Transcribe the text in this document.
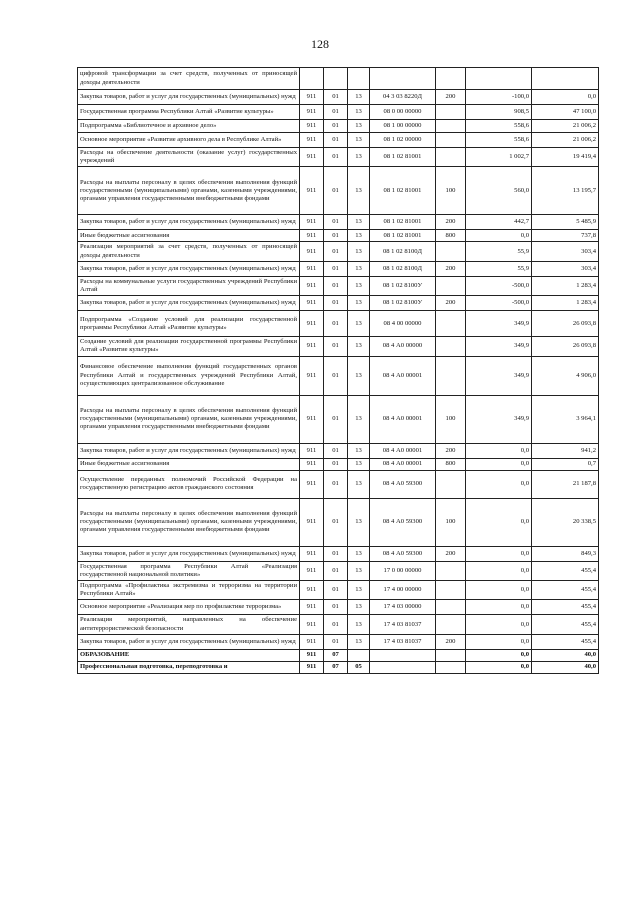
128
цифровой трансформации за счет средств, полученных от приносящей доходы деятельности							
Закупка товаров, работ и услуг для государственных (муниципальных) нужд	911	01	13	04 3 03 8220Д	200	-100,0	0,0
Государственная программа Республики Алтай «Развитие культуры»	911	01	13	08 0 00 00000		908,5	47 100,0
Подпрограмма «Библиотечное и архивное дело»	911	01	13	08 1 00 00000		558,6	21 006,2
Основное мероприятие «Развитие архивного дела в Республике Алтай»	911	01	13	08 1 02 00000		558,6	21 006,2
Расходы на обеспечение деятельности (оказание услуг) государственных учреждений	911	01	13	08 1 02 81001		1 002,7	19 419,4
Расходы на выплаты персоналу в целях обеспечения выполнения функций государственными (муниципальными) органами, казенными учреждениями, органами управления государственными внебюджетными фондами	911	01	13	08 1 02 81001	100	560,0	13 195,7
Закупка товаров, работ и услуг для государственных (муниципальных) нужд	911	01	13	08 1 02 81001	200	442,7	5 485,9
Иные бюджетные ассигнования	911	01	13	08 1 02 81001	800	0,0	737,8
Реализация мероприятий за счет средств, полученных от приносящей доходы деятельности	911	01	13	08 1 02 8100Д		55,9	303,4
Закупка товаров, работ и услуг для государственных (муниципальных) нужд	911	01	13	08 1 02 8100Д	200	55,9	303,4
Расходы на коммунальные услуги государственных учреждений Республики Алтай	911	01	13	08 1 02 8100У		-500,0	1 283,4
Закупка товаров, работ и услуг для государственных (муниципальных) нужд	911	01	13	08 1 02 8100У	200	-500,0	1 283,4
Подпрограмма «Создание условий для реализации государственной программы Республики Алтай «Развитие культуры»	911	01	13	08 4 00 00000		349,9	26 093,8
Создание условий для реализации государственной программы Республики Алтай «Развитие культуры»	911	01	13	08 4 А0 00000		349,9	26 093,8
Финансовое обеспечение выполнения функций государственных органов Республики Алтай и государственных учреждений Республики Алтай, осуществляющих централизованное обслуживание	911	01	13	08 4 А0 00001		349,9	4 906,0
Расходы на выплаты персоналу в целях обеспечения выполнения функций государственными (муниципальными) органами, казенными учреждениями, органами управления государственными внебюджетными фондами	911	01	13	08 4 А0 00001	100	349,9	3 964,1
Закупка товаров, работ и услуг для государственных (муниципальных) нужд	911	01	13	08 4 А0 00001	200	0,0	941,2
Иные бюджетные ассигнования	911	01	13	08 4 А0 00001	800	0,0	0,7
Осуществление переданных полномочий Российской Федерации на государственную регистрацию актов гражданского состояния	911	01	13	08 4 А0 59300		0,0	21 187,8
Расходы на выплаты персоналу в целях обеспечения выполнения функций государственными (муниципальными) органами, казенными учреждениями, органами управления государственными внебюджетными фондами	911	01	13	08 4 А0 59300	100	0,0	20 338,5
Закупка товаров, работ и услуг для государственных (муниципальных) нужд	911	01	13	08 4 А0 59300	200	0,0	849,3
Государственная программа Республики Алтай «Реализация государственной национальной политики»	911	01	13	17 0 00 00000		0,0	455,4
Подпрограмма «Профилактика экстремизма и терроризма на территории Республики Алтай»	911	01	13	17 4 00 00000		0,0	455,4
Основное мероприятие «Реализация мер по профилактике терроризма»	911	01	13	17 4 03 00000		0,0	455,4
Реализация мероприятий, направленных на обеспечение антитеррористической безопасности	911	01	13	17 4 03 81037		0,0	455,4
Закупка товаров, работ и услуг для государственных (муниципальных) нужд	911	01	13	17 4 03 81037	200	0,0	455,4
ОБРАЗОВАНИЕ	911	07				0,0	40,0
Профессиональная подготовка, переподготовка и	911	07	05			0,0	40,0
